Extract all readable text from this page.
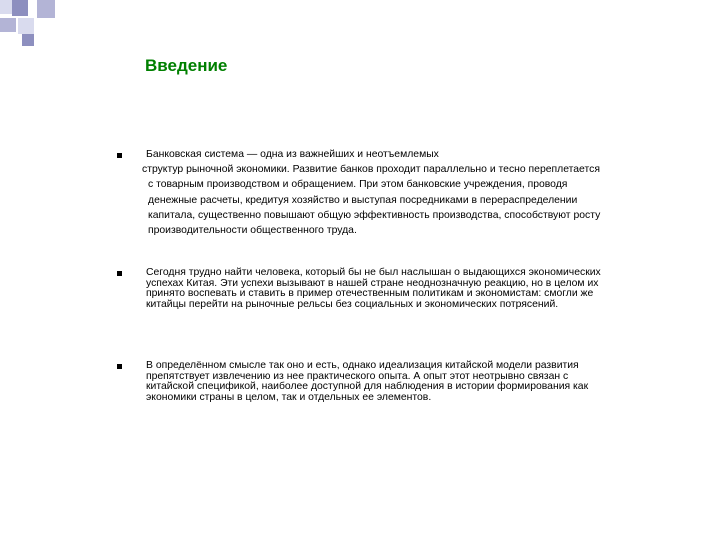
Введение
Банковская система — одна из важнейших и неотъемлемых
структур рыночной экономики. Развитие банков проходит параллельно и тесно переплетается
с товарным производством и обращением. При этом банковские учреждения, проводя
денежные расчеты, кредитуя хозяйство и выступая посредниками в перераспределении
капитала, существенно повышают общую эффективность производства, способствуют росту
производительности общественного труда.
Сегодня трудно найти человека, который бы не был наслышан о выдающихся экономических
успехах Китая. Эти успехи вызывают в нашей стране неоднозначную реакцию, но в целом их
принято воспевать и ставить в пример отечественным политикам и экономистам: смогли же
китайцы перейти на рыночные рельсы без социальных и экономических потрясений.
В определённом смысле так оно и есть, однако идеализация китайской модели развития
препятствует извлечению из нее практического опыта. А опыт этот неотрывно связан с
китайской спецификой, наиболее доступной для наблюдения в истории формирования как
экономики страны в целом, так и отдельных ее элементов.
